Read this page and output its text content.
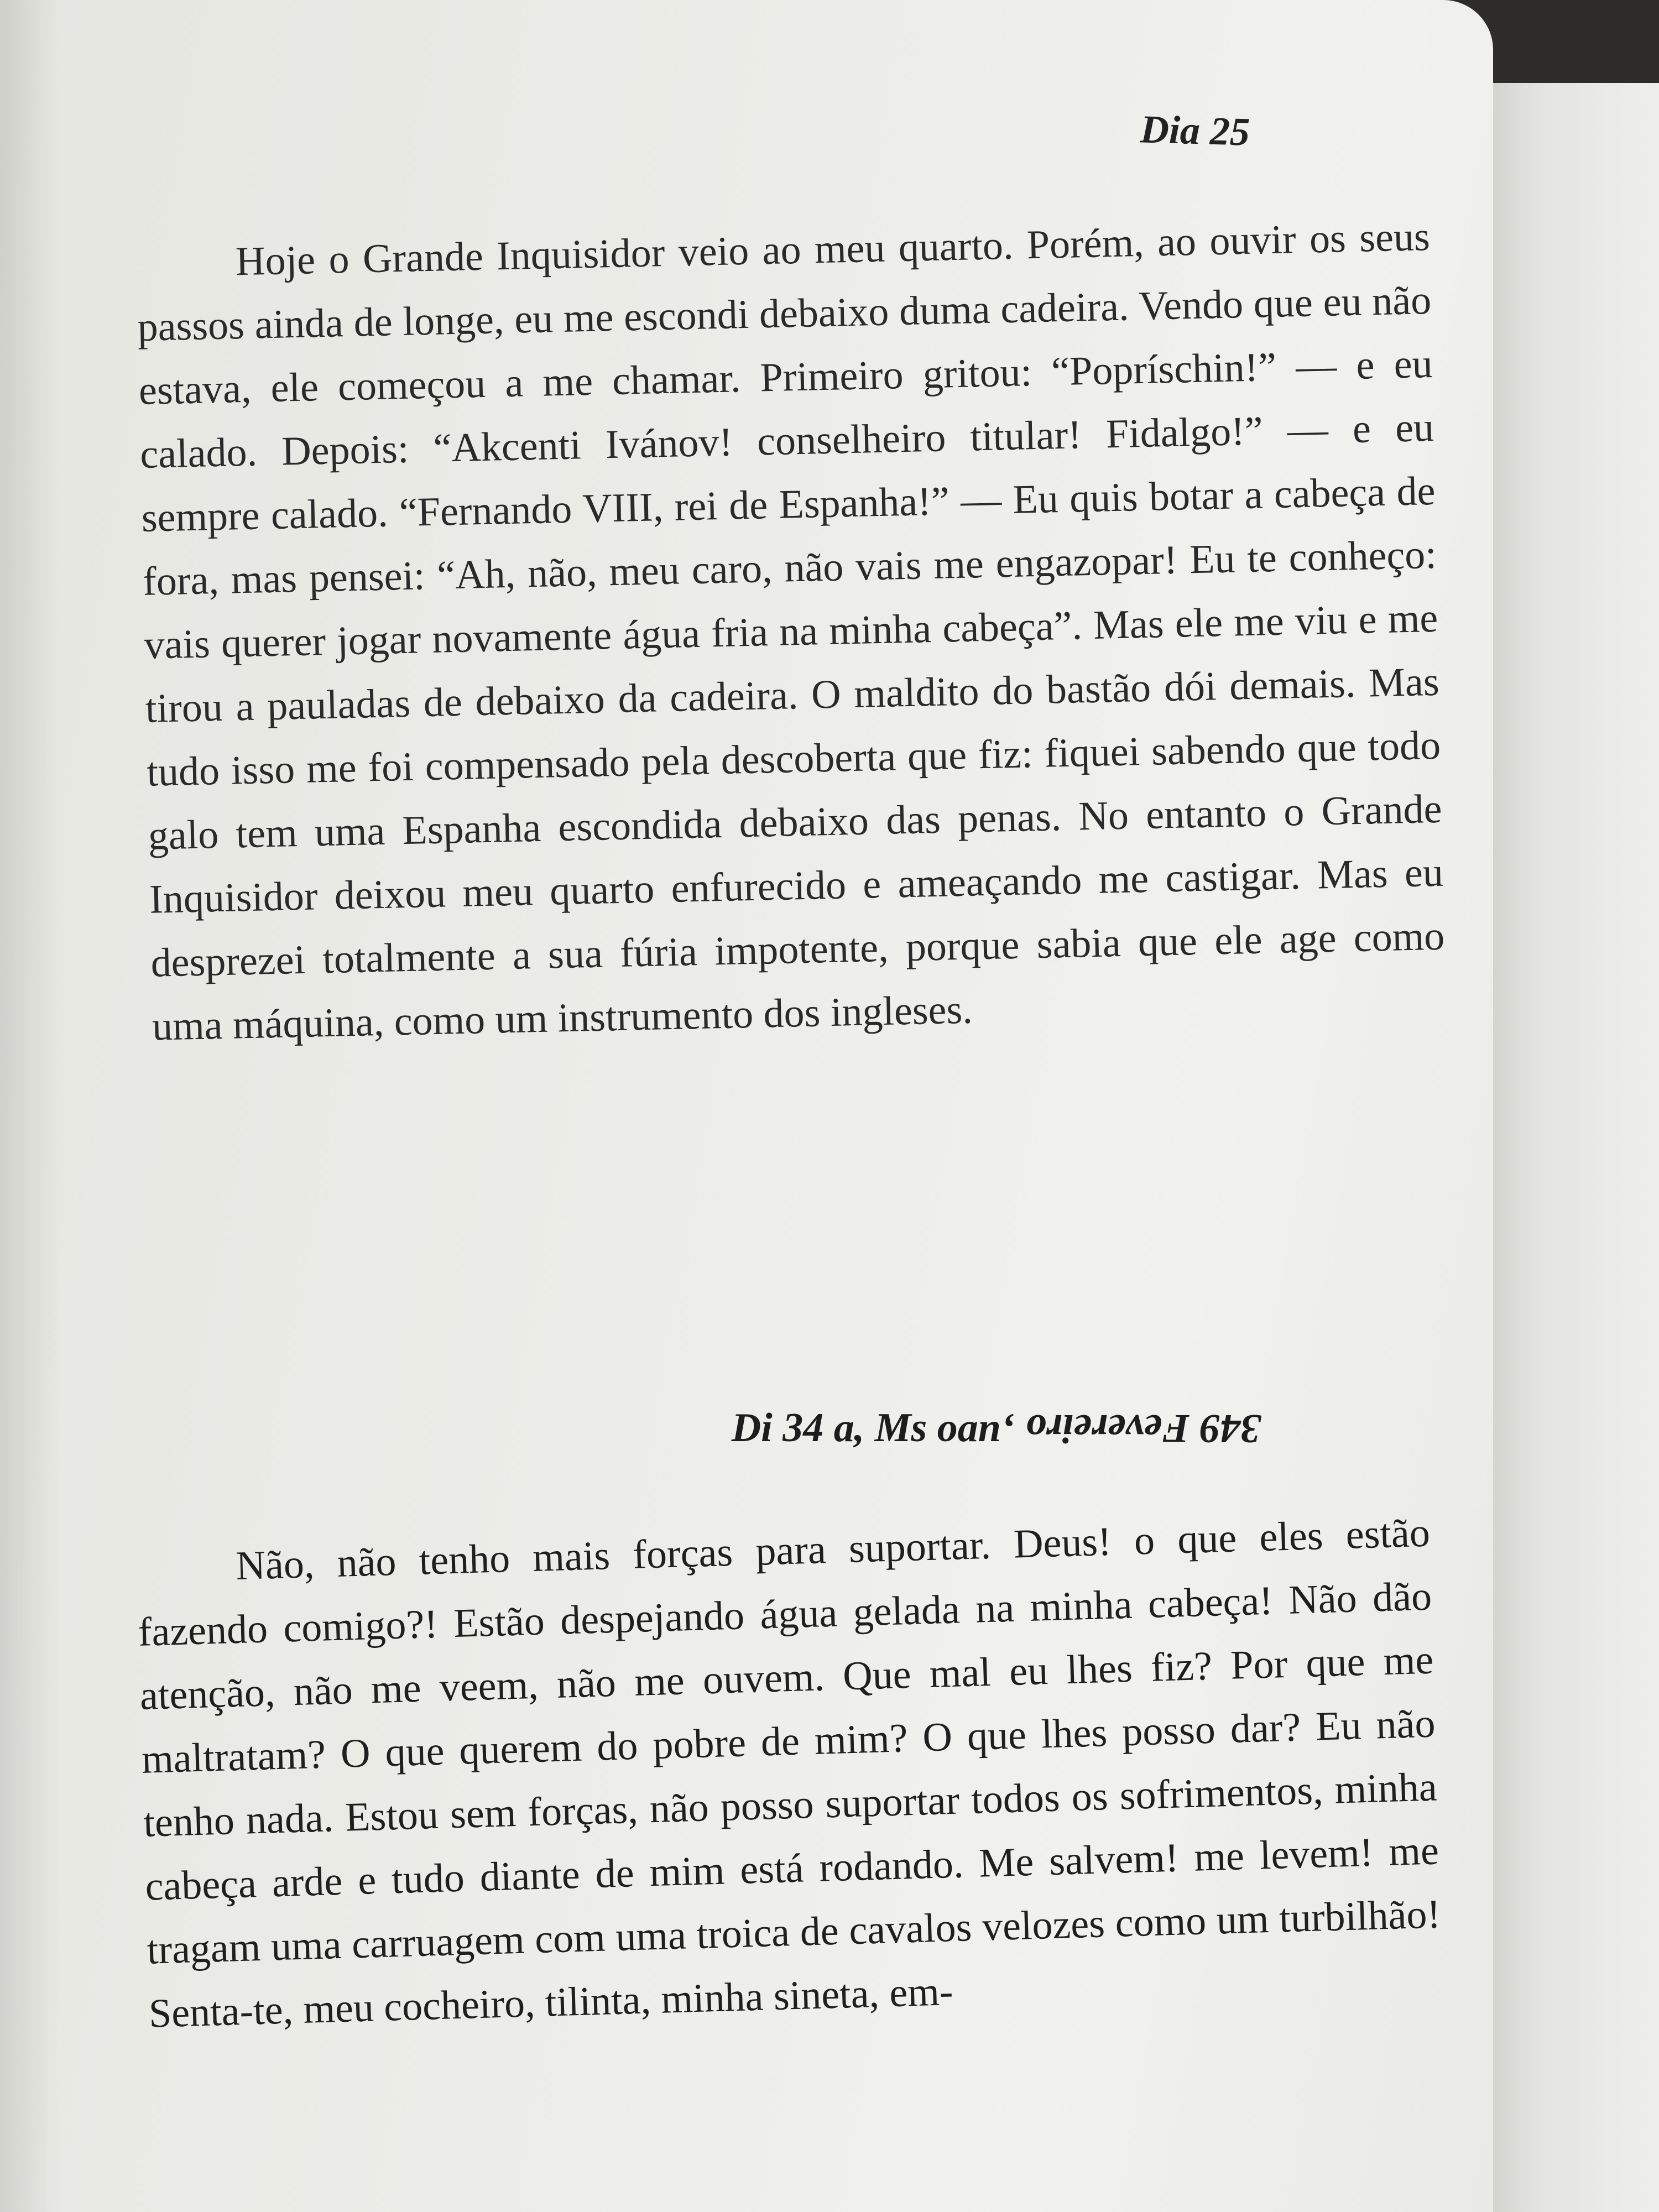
Dia 25

Hoje o Grande Inquisidor veio ao meu quarto. Porém, ao ouvir os seus passos ainda de longe, eu me escondi debaixo duma cadeira. Vendo que eu não estava, ele começou a me chamar. Primeiro gritou: “Popríschin!” — e eu calado. Depois: “Akcenti Ivánov! conselheiro titular! Fidalgo!” — e eu sempre calado. “Fernando VIII, rei de Espanha!” — Eu quis botar a cabeça de fora, mas pensei: “Ah, não, meu caro, não vais me engazopar! Eu te conheço: vais querer jogar novamente água fria na minha cabeça”. Mas ele me viu e me tirou a pauladas de debaixo da cadeira. O maldito do bastão dói demais. Mas tudo isso me foi compensado pela descoberta que fiz: fiquei sabendo que todo galo tem uma Espanha escondida debaixo das penas. No entanto o Grande Inquisidor deixou meu quarto enfurecido e ameaçando me castigar. Mas eu desprezei totalmente a sua fúria impotente, porque sabia que ele age como uma máquina, como um instrumento dos ingleses.

Di 34 a, Ms oan‘ 349 Fevereiro

Não, não tenho mais forças para suportar. Deus! o que eles estão fazendo comigo?! Estão despejando água gelada na minha cabeça! Não dão atenção, não me veem, não me ouvem. Que mal eu lhes fiz? Por que me maltratam? O que querem do pobre de mim? O que lhes posso dar? Eu não tenho nada. Estou sem forças, não posso suportar todos os sofrimentos, minha cabeça arde e tudo diante de mim está rodando. Me salvem! me levem! me tragam uma carruagem com uma troica de cavalos velozes como um turbilhão! Senta-te, meu cocheiro, tilinta, minha sineta, em-
